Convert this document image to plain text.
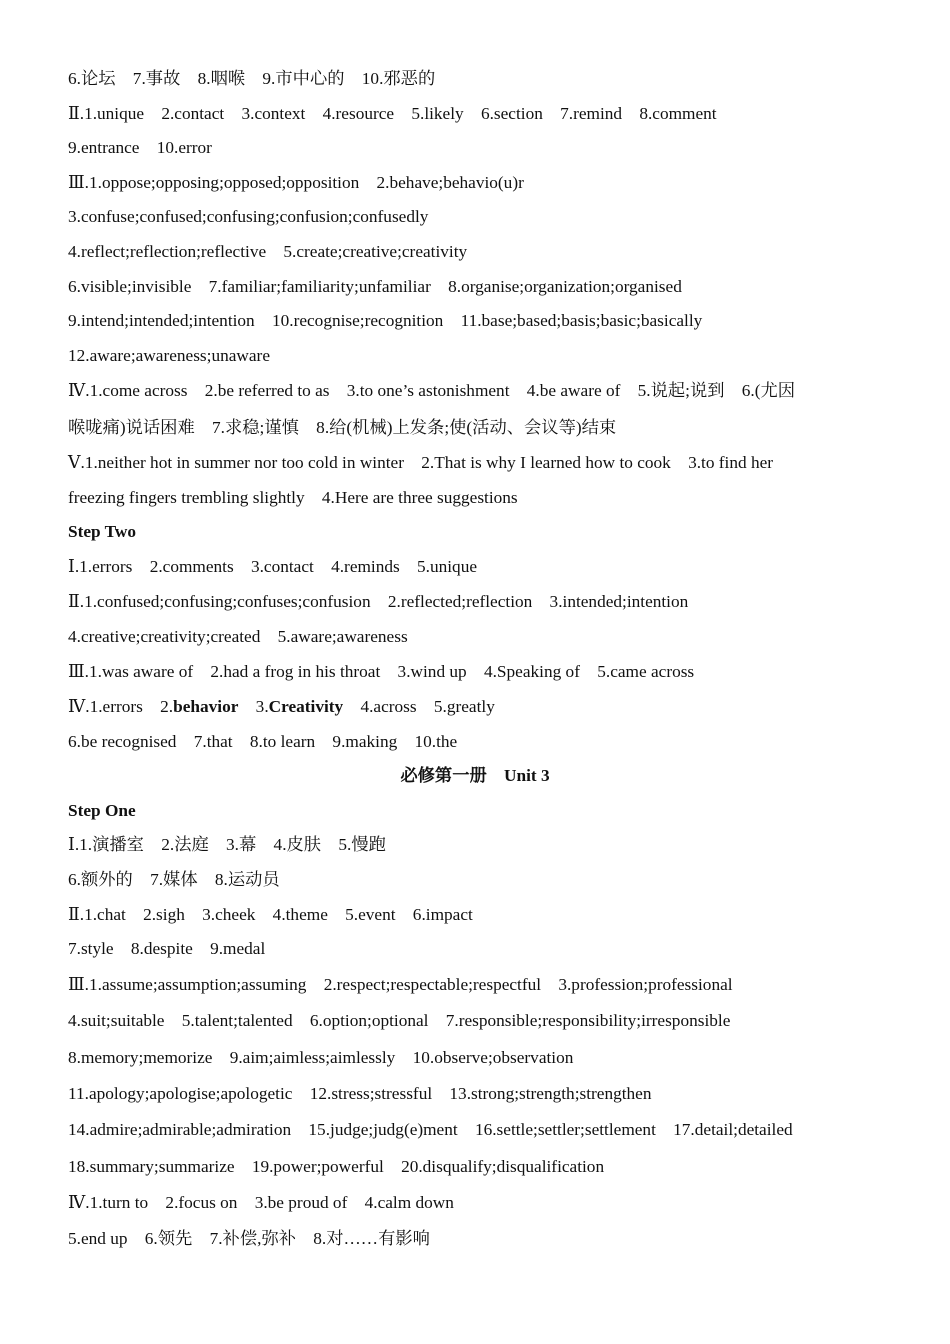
6.论坛　7.事故　8.咽喉　9.市中心的　10.邪恶的
Ⅱ.1.unique　2.contact　3.context　4.resource　5.likely　6.section　7.remind　8.comment
9.entrance　10.error
Ⅲ.1.oppose;opposing;opposed;opposition　2.behave;behavio(u)r
3.confuse;confused;confusing;confusion;confusedly
4.reflect;reflection;reflective　5.create;creative;creativity
6.visible;invisible　7.familiar;familiarity;unfamiliar　8.organise;organization;organised
9.intend;intended;intention　10.recognise;recognition　11.base;based;basis;basic;basically
12.aware;awareness;unaware
Ⅳ.1.come across　2.be referred to as　3.to one’s astonishment　4.be aware of　5.说起;说到　6.(尤因
喉咙痛)说话困难　7.求稳;谨慎　8.给(机械)上发条;使(活动、会议等)结束
Ⅴ.1.neither hot in summer nor too cold in winter　2.That is why I learned how to cook　3.to find her
freezing fingers trembling slightly　4.Here are three suggestions
Step Two
Ⅰ.1.errors　2.comments　3.contact　4.reminds　5.unique
Ⅱ.1.confused;confusing;confuses;confusion　2.reflected;reflection　3.intended;intention
4.creative;creativity;created　5.aware;awareness
Ⅲ.1.was aware of　2.had a frog in his throat　3.wind up　4.Speaking of　5.came across
Ⅳ.1.errors　2.behavior　3.Creativity　4.across　5.greatly
6.be recognised　7.that　8.to learn　9.making　10.the
必修第一册　Unit 3
Step One
Ⅰ.1.演播室　2.法庭　3.幕　4.皮肤　5.慢跑
6.额外的　7.媒体　8.运动员
Ⅱ.1.chat　2.sigh　3.cheek　4.theme　5.event　6.impact
7.style　8.despite　9.medal
Ⅲ.1.assume;assumption;assuming　2.respect;respectable;respectful　3.profession;professional
4.suit;suitable　5.talent;talented　6.option;optional　7.responsible;responsibility;irresponsible
8.memory;memorize　9.aim;aimless;aimlessly　10.observe;observation
11.apology;apologise;apologetic　12.stress;stressful　13.strong;strength;strengthen
14.admire;admirable;admiration　15.judge;judg(e)ment　16.settle;settler;settlement　17.detail;detailed
18.summary;summarize　19.power;powerful　20.disqualify;disqualification
Ⅳ.1.turn to　2.focus on　3.be proud of　4.calm down
5.end up　6.领先　7.补偿,弥补　8.对……有影响
